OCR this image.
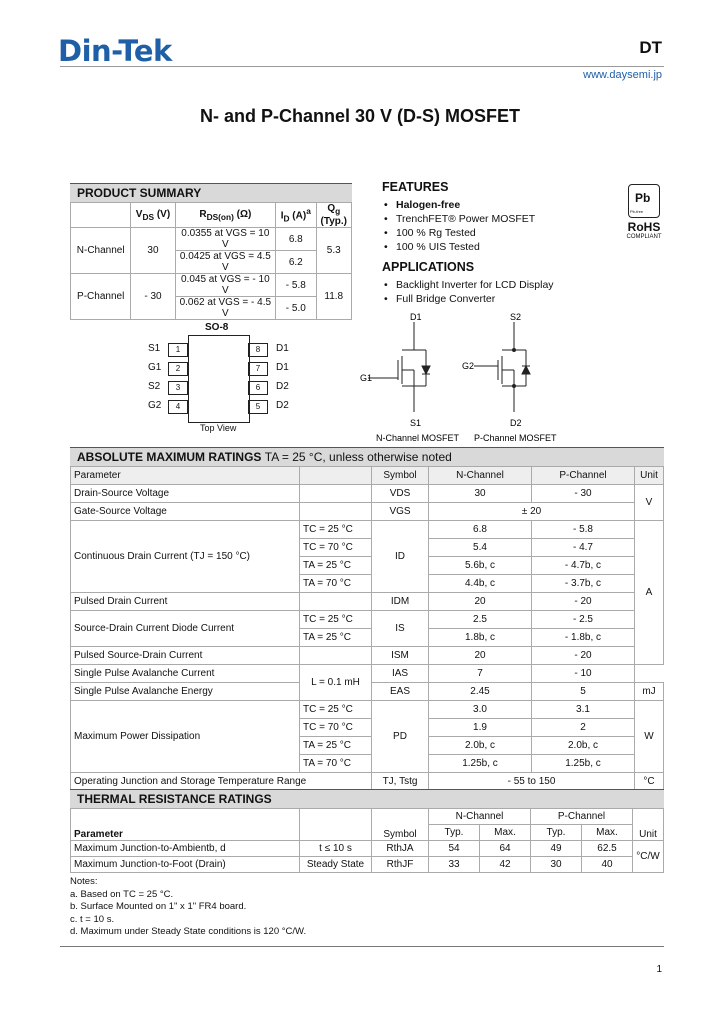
Din-Tek	DT
www.daysemi.jp
N- and P-Channel 30 V (D-S) MOSFET
PRODUCT SUMMARY
	$V_{DS}$ (V)	$R_{DS(on)}$ (Ω)	$I_D$ $(A)^a$	$Q_g$ (Typ.)
N-Channel	30	0.0355 at VGS = 10 V	6.8	5.3
		0.0425 at VGS = 4.5 V	6.2	
P-Channel	- 30	0.045 at VGS = - 10 V	- 5.8	11.8
		0.062 at VGS = - 4.5 V	- 5.0	
FEATURES
• Halogen-free
• TrenchFET® Power MOSFET
• 100 % Rg Tested
• 100 % UIS Tested
APPLICATIONS
• Backlight Inverter for LCD Display
• Full Bridge Converter
Pb
Pb-free
RoHS
COMPLIANT
SO-8
S1	1
G1	2
S2	3
G2	4
8	D1
7	D1
6	D2
5	D2
Top View
D1
S1
G1
S2
D2
G2
N-Channel MOSFET P-Channel MOSFET
ABSOLUTE MAXIMUM RATINGS TA = 25 °C, unless otherwise noted
Parameter		Symbol	N-Channel	P-Channel	Unit
Drain-Source Voltage		VDS	30	- 30	V
Gate-Source Voltage		VGS	± 20		
Continuous Drain Current (TJ = 150 °C)	TC = 25 °C	ID	6.8	- 5.8	A
	TC = 70 °C		5.4	- 4.7	
	TA = 25 °C		5.6b, c	- 4.7b, c	
	TA = 70 °C		4.4b, c	- 3.7b, c	
Pulsed Drain Current		IDM	20	- 20	
Source-Drain Current Diode Current	TC = 25 °C	IS	2.5	- 2.5	
	TA = 25 °C		1.8b, c	- 1.8b, c	
Pulsed Source-Drain Current		ISM	20	- 20	
Single Pulse Avalanche Current	L = 0.1 mH	IAS	7	- 10	
Single Pulse Avalanche Energy		EAS	2.45	5	mJ
Maximum Power Dissipation	TC = 25 °C	PD	3.0	3.1	W
	TC = 70 °C		1.9	2	
	TA = 25 °C		2.0b, c	2.0b, c	
	TA = 70 °C		1.25b, c	1.25b, c	
Operating Junction and Storage Temperature Range		TJ, Tstg	- 55 to 150		°C
THERMAL RESISTANCE RATINGS
Parameter		Symbol	N-Channel		P-Channel		Unit
			Typ.	Max.	Typ.	Max.	
Maximum Junction-to-Ambientb, d	t ≤ 10 s	RthJA	54	64	49	62.5	°C/W
Maximum Junction-to-Foot (Drain)	Steady State	RthJF	33	42	30	40	
Notes:
a. Based on TC = 25 °C.
b. Surface Mounted on 1" x 1" FR4 board.
c. t = 10 s.
d. Maximum under Steady State conditions is 120 °C/W.
1
